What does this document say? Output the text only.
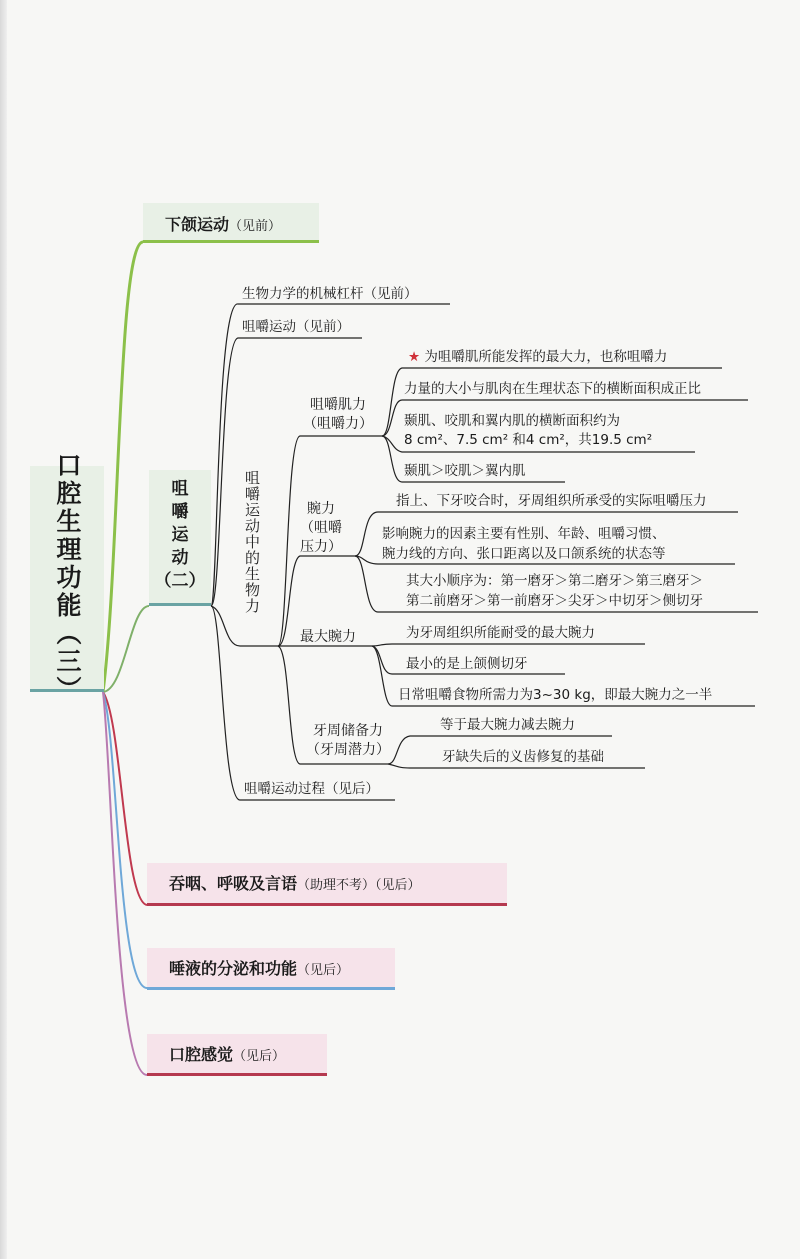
口
腔
生
理
功
能
（三）
下颌运动（见前）
咀
嚼
运
动
（二）
生物力学的机械杠杆（见前）
咀嚼运动（见前）
咀嚼运动中的生物力
咀嚼运动过程（见后）
咀嚼肌力
（咀嚼力）
★ 为咀嚼肌所能发挥的最大力，也称咀嚼力
力量的大小与肌肉在生理状态下的横断面积成正比
颞肌、咬肌和翼内肌的横断面积约为
8 cm²、7.5 cm² 和4 cm²，共19.5 cm²
颞肌＞咬肌＞翼内肌
䝹力
（咀嚼
压力）
指上、下牙咬合时，牙周组织所承受的实际咀嚼压力
影响䝹力的因素主要有性别、年龄、咀嚼习惯、
䝹力线的方向、张口距离以及口颌系统的状态等
其大小顺序为：第一磨牙＞第二磨牙＞第三磨牙＞
第二前磨牙＞第一前磨牙＞尖牙＞中切牙＞侧切牙
最大䝹力	为牙周组织所能耐受的最大䝹力
最小的是上颌侧切牙
日常咀嚼食物所需力为3~30 kg，即最大䝹力之一半
牙周储备力
（牙周潜力）
等于最大䝹力减去䝹力
牙缺失后的义齿修复的基础
吞咽、呼吸及言语（助理不考）（见后）
唾液的分泌和功能（见后）
口腔感觉（见后）
